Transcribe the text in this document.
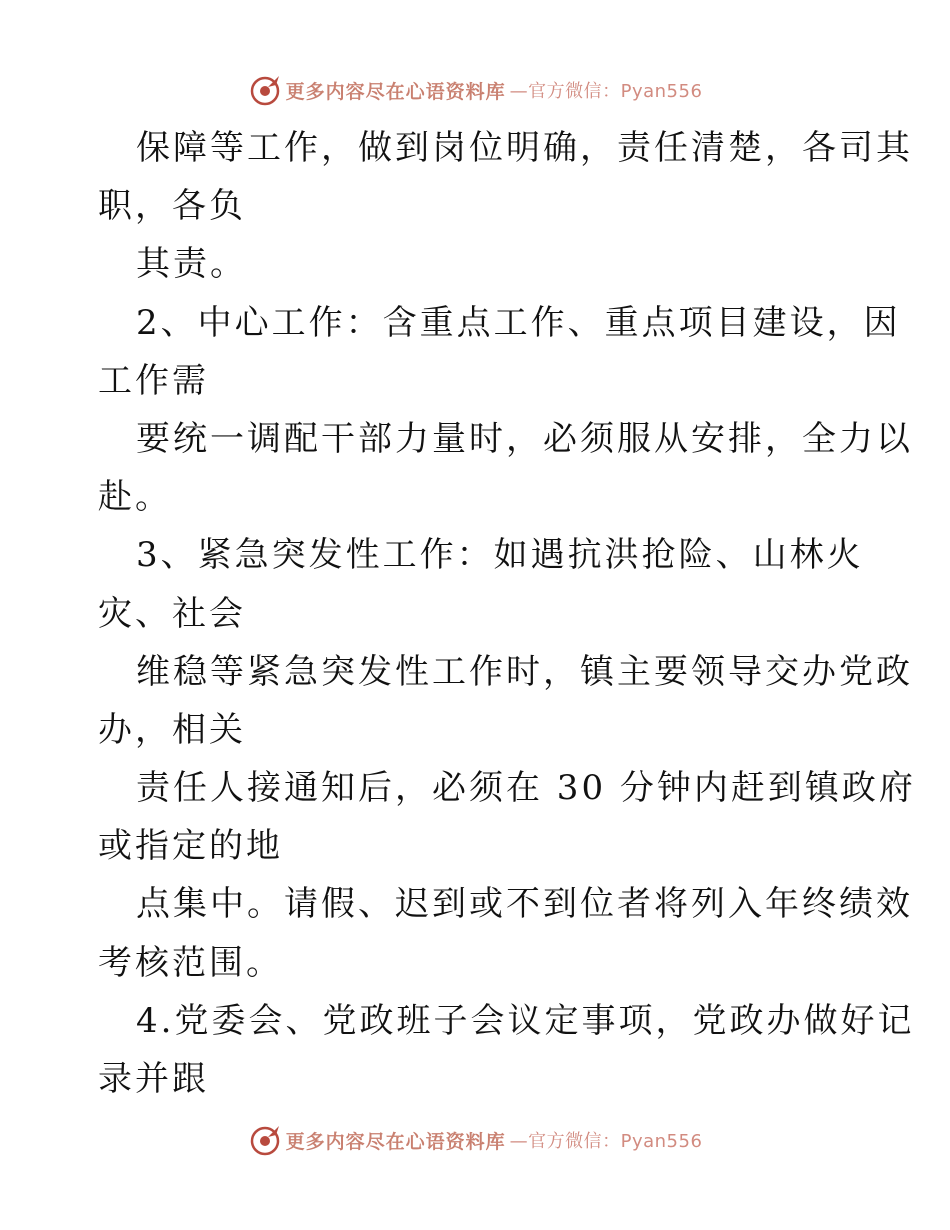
更多内容尽在心语资料库 —官方微信：Pyan556
保障等工作，做到岗位明确，责任清楚，各司其
职，各负
其责。
2、中心工作：含重点工作、重点项目建设，因
工作需
要统一调配干部力量时，必须服从安排，全力以
赴。
3、紧急突发性工作：如遇抗洪抢险、山林火
灾、社会
维稳等紧急突发性工作时，镇主要领导交办党政
办，相关
责任人接通知后，必须在 30 分钟内赶到镇政府
或指定的地
点集中。请假、迟到或不到位者将列入年终绩效
考核范围。
4.党委会、党政班子会议定事项，党政办做好记
录并跟
更多内容尽在心语资料库 —官方微信：Pyan556
